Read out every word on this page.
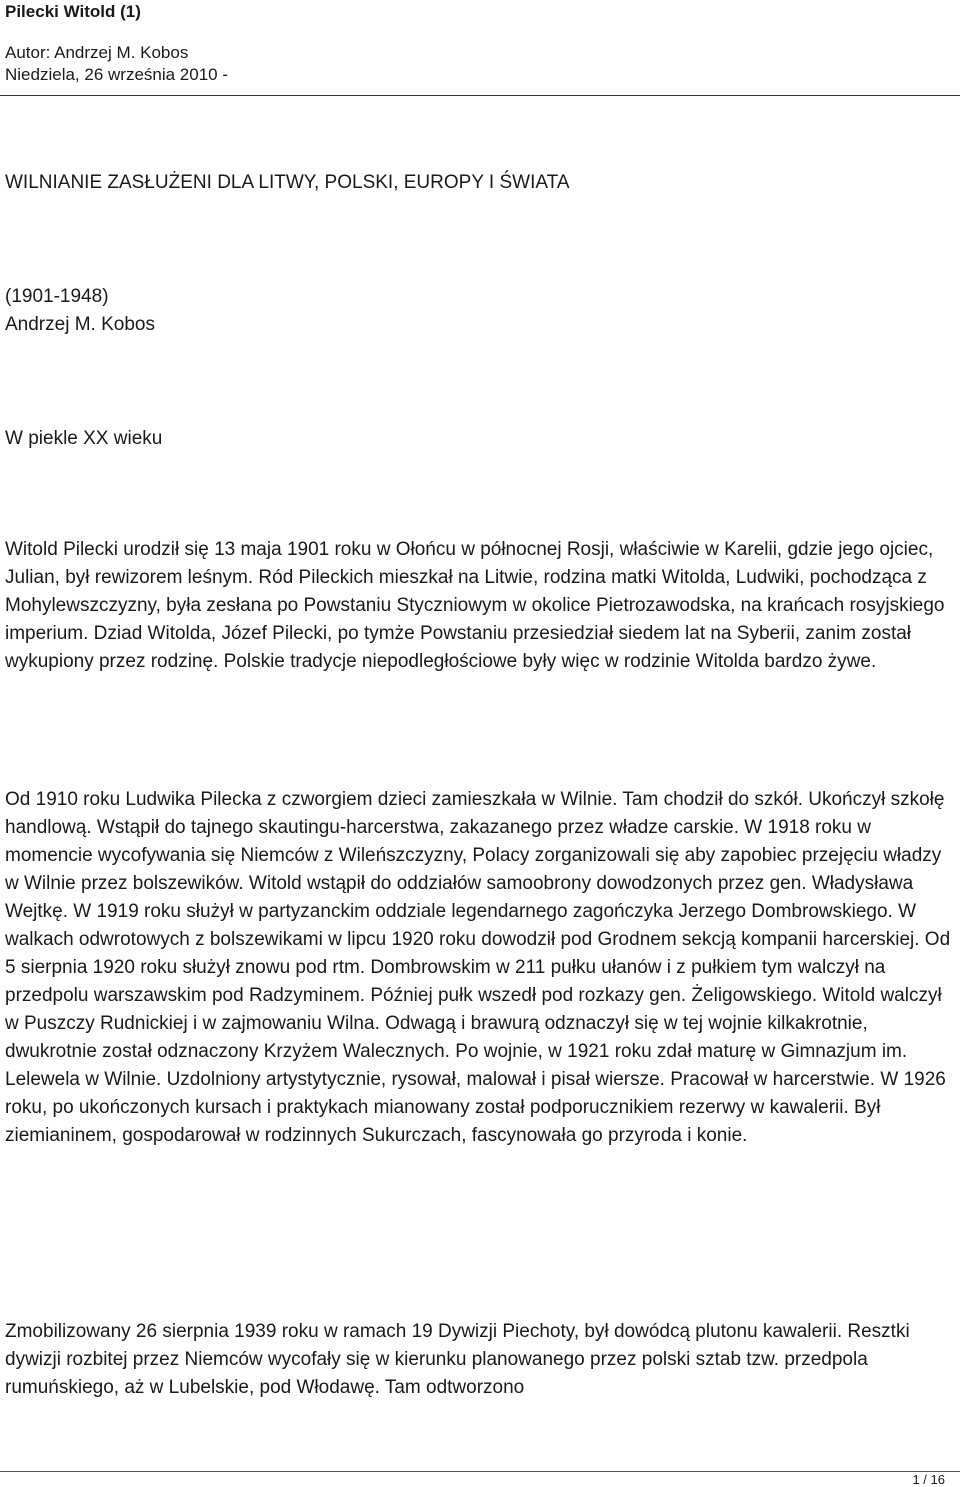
Pilecki Witold (1)
Autor: Andrzej M. Kobos
Niedziela, 26 września 2010 -

WILNIANIE ZASŁUŻENI DLA LITWY, POLSKI, EUROPY I ŚWIATA

(1901-1948)

Andrzej M. Kobos

W piekle XX wieku

Witold Pilecki urodził się 13 maja 1901 roku w Ołońcu w północnej Rosji, właściwie w Karelii, gdzie jego ojciec, Julian, był rewizorem leśnym. Ród Pileckich mieszkał na Litwie, rodzina matki Witolda, Ludwiki, pochodząca z Mohylewszczyzny, była zesłana po Powstaniu Styczniowym w okolice Pietrozawodska, na krańcach rosyjskiego imperium. Dziad Witolda, Józef Pilecki, po tymże Powstaniu przesiedział siedem lat na Syberii, zanim został wykupiony przez rodzinę. Polskie tradycje niepodległościowe były więc w rodzinie Witolda bardzo żywe.

Od 1910 roku Ludwika Pilecka z czworgiem dzieci zamieszkała w Wilnie. Tam chodził do szkół. Ukończył szkołę handlową. Wstąpił do tajnego skautingu-harcerstwa, zakazanego przez władze carskie. W 1918 roku w momencie wycofywania się Niemców z Wileńszczyzny, Polacy zorganizowali się aby zapobiec przejęciu władzy w Wilnie przez bolszewików. Witold wstąpił do oddziałów samoobrony dowodzonych przez gen. Władysława Wejtkę. W 1919 roku służył w partyzanckim oddziale legendarnego zagończyka Jerzego Dombrowskiego. W walkach odwrotowych z bolszewikami w lipcu 1920 roku dowodził pod Grodnem sekcją kompanii harcerskiej. Od 5 sierpnia 1920 roku służył znowu pod rtm. Dombrowskim w 211 pułku ułanów i z pułkiem tym walczył na przedpolu warszawskim pod Radzyminem. Później pułk wszedł pod rozkazy gen. Żeligowskiego. Witold walczył w Puszczy Rudnickiej i w zajmowaniu Wilna. Odwagą i brawurą odznaczył się w tej wojnie kilkakrotnie, dwukrotnie został odznaczony Krzyżem Walecznych. Po wojnie, w 1921 roku zdał maturę w Gimnazjum im. Lelewela w Wilnie. Uzdolniony artystytycznie, rysował, malował i pisał wiersze. Pracował w harcerstwie. W 1926 roku, po ukończonych kursach i praktykach mianowany został podporucznikiem rezerwy w kawalerii. Był ziemianinem, gospodarował w rodzinnych Sukurczach, fascynowała go przyroda i konie.

Zmobilizowany 26 sierpnia 1939 roku w ramach 19 Dywizji Piechoty, był dowódcą plutonu kawalerii. Resztki dywizji rozbitej przez Niemców wycofały się w kierunku planowanego przez polski sztab tzw. przedpola rumuńskiego, aż w Lubelskie, pod Włodawę. Tam odtworzono

1 / 16
